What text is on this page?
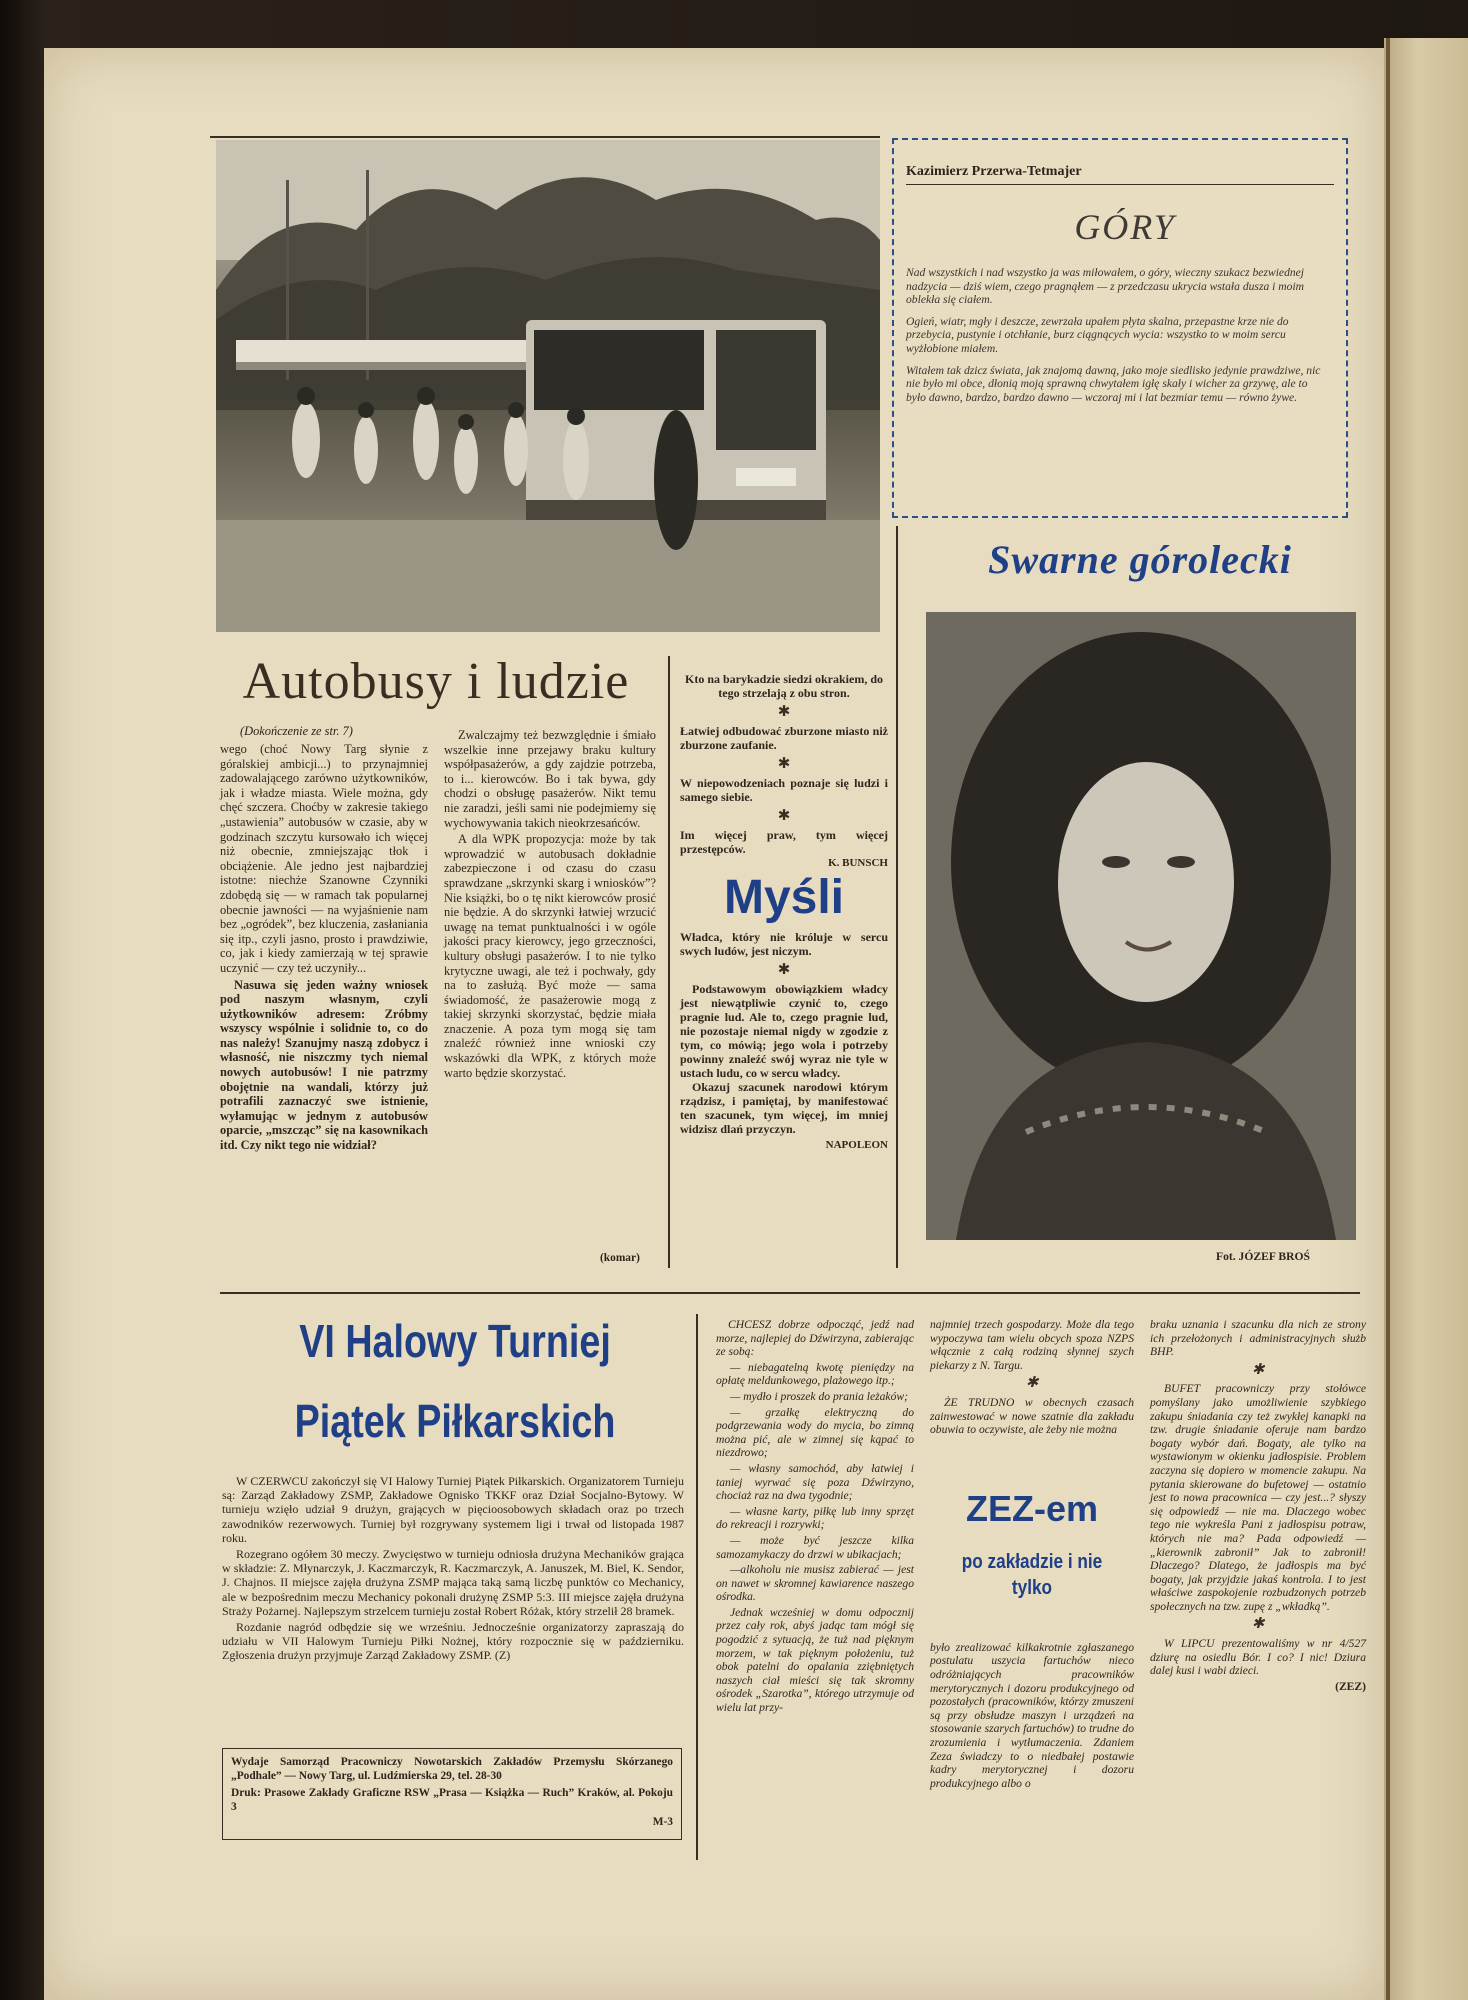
Autobusy i ludzie
(Dokończenie ze str. 7)

wego (choć Nowy Targ słynie z góralskiej ambicji...) to przynajmniej zadowalającego zarówno użytkowników, jak i władze miasta. Wiele można, gdy chęć szczera. Choćby w zakresie takiego „ustawienia” autobusów w czasie, aby w godzinach szczytu kursowało ich więcej niż obecnie, zmniejszając tłok i obciążenie. Ale jedno jest najbardziej istotne: niechże Szanowne Czynniki zdobędą się — w ramach tak popularnej obecnie jawności — na wyjaśnienie nam bez „ogródek”, bez kluczenia, zasłaniania się itp., czyli jasno, prosto i prawdziwie, co, jak i kiedy zamierzają w tej sprawie uczynić — czy też uczyniły...

Nasuwa się jeden ważny wniosek pod naszym własnym, czyli użytkowników adresem: Zróbmy wszyscy wspólnie i solidnie to, co do nas należy! Szanujmy naszą zdobycz i własność, nie niszczmy tych niemal nowych autobusów! I nie patrzmy obojętnie na wandali, którzy już potrafili zaznaczyć swe istnienie, wyłamując w jednym z autobusów oparcie, „mszcząc” się na kasownikach itd. Czy nikt tego nie widział?

Zwalczajmy też bezwzględnie i śmiało wszelkie inne przejawy braku kultury współpasażerów, a gdy zajdzie potrzeba, to i... kierowców. Bo i tak bywa, gdy chodzi o obsługę pasażerów. Nikt temu nie zaradzi, jeśli sami nie podejmiemy się wychowywania takich nieokrzesańców.

A dla WPK propozycja: może by tak wprowadzić w autobusach dokładnie zabezpieczone i od czasu do czasu sprawdzane „skrzynki skarg i wniosków”? Nie książki, bo o tę nikt kierowców prosić nie będzie. A do skrzynki łatwiej wrzucić uwagę na temat punktualności i w ogóle jakości pracy kierowcy, jego grzeczności, kultury obsługi pasażerów. I to nie tylko krytyczne uwagi, ale też i pochwały, gdy na to zasłużą. Być może — sama świadomość, że pasażerowie mogą z takiej skrzynki skorzystać, będzie miała znaczenie. A poza tym mogą się tam znaleźć również inne wnioski czy wskazówki dla WPK, z których może warto będzie skorzystać.

(komar)
Kto na barykadzie siedzi okrakiem, do tego strzelają z obu stron.
✱
Łatwiej odbudować zburzone miasto niż zburzone zaufanie.
✱
W niepowodzeniach poznaje się ludzi i samego siebie.
✱
Im więcej praw, tym więcej przestępców.
K. BUNSCH
Myśli
Władca, który nie króluje w sercu swych ludów, jest niczym.
✱
Podstawowym obowiązkiem władcy jest niewątpliwie czynić to, czego pragnie lud. Ale to, czego pragnie lud, nie pozostaje niemal nigdy w zgodzie z tym, co mówią; jego wola i potrzeby powinny znaleźć swój wyraz nie tyle w ustach ludu, co w sercu władcy.
Okazuj szacunek narodowi którym rządzisz, i pamiętaj, by manifestować ten szacunek, tym więcej, im mniej widzisz dlań przyczyn.
NAPOLEON
Kazimierz Przerwa-Tetmajer
GÓRY
Nad wszystkich i nad wszystko ja was miłowałem, o góry, wieczny szukacz bezwiednej nadzycia — dziś wiem, czego pragnąłem — z przedczasu ukrycia wstała dusza i moim oblekła się ciałem.
Ogień, wiatr, mgły i deszcze, zewrzała upałem płyta skalna, przepastne krze nie do przebycia, pustynie i otchłanie, burz ciągnących wycia: wszystko to w moim sercu wyżłobione miałem.
Witałem tak dzicz świata, jak znajomą dawną, jako moje siedlisko jedynie prawdziwe, nic nie było mi obce, dłonią moją sprawną chwytałem igłę skały i wicher za grzywę, ale to było dawno, bardzo, bardzo dawno — wczoraj mi i lat bezmiar temu — równo żywe.
Swarne górolecki
Fot. JÓZEF BROŚ
VI Halowy Turniej
Piątek Piłkarskich

W CZERWCU zakończył się VI Halowy Turniej Piątek Piłkarskich. Organizatorem Turnieju są: Zarząd Zakładowy ZSMP, Zakładowe Ognisko TKKF oraz Dział Socjalno-Bytowy. W turnieju wzięło udział 9 drużyn, grających w pięcioosobowych składach oraz po trzech zawodników rezerwowych. Turniej był rozgrywany systemem ligi i trwał od listopada 1987 roku.

Rozegrano ogółem 30 meczy. Zwycięstwo w turnieju odniosła drużyna Mechaników grająca w składzie: Z. Młynarczyk, J. Kaczmarczyk, R. Kaczmarczyk, A. Januszek, M. Biel, K. Sendor, J. Chajnos. II miejsce zajęła drużyna ZSMP mająca taką samą liczbę punktów co Mechanicy, ale w bezpośrednim meczu Mechanicy pokonali drużynę ZSMP 5:3. III miejsce zajęła drużyna Straży Pożarnej. Najlepszym strzelcem turnieju został Robert Różak, który strzelił 28 bramek.

Rozdanie nagród odbędzie się we wrześniu. Jednocześnie organizatorzy zapraszają do udziału w VII Halowym Turnieju Piłki Nożnej, który rozpocznie się w październiku. Zgłoszenia drużyn przyjmuje Zarząd Zakładowy ZSMP. (Z)

Wydaje Samorząd Pracowniczy Nowotarskich Zakładów Przemysłu Skórzanego „Podhale” — Nowy Targ, ul. Ludźmierska 29, tel. 28-30
Druk: Prasowe Zakłady Graficzne RSW „Prasa — Książka — Ruch” Kraków, al. Pokoju 3
M-3

CHCESZ dobrze odpocząć, jedź nad morze, najlepiej do Dźwirzyna, zabierając ze sobą:

— niebagatelną kwotę pieniędzy na opłatę meldunkowego, plażowego itp.;

— mydło i proszek do prania leżaków;

— grzałkę elektryczną do podgrzewania wody do mycia, bo zimną można pić, ale w zimnej się kąpać to niezdrowo;

— własny samochód, aby łatwiej i taniej wyrwać się poza Dźwirzyno, chociaż raz na dwa tygodnie;

— własne karty, piłkę lub inny sprzęt do rekreacji i rozrywki;

— może być jeszcze kilka samozamykaczy do drzwi w ubikacjach;

—alkoholu nie musisz zabierać — jest on nawet w skromnej kawiarence naszego ośrodka.

Jednak wcześniej w domu odpocznij przez cały rok, abyś jadąc tam mógł się pogodzić z sytuacją, że tuż nad pięknym morzem, w tak pięknym położeniu, tuż obok patelni do opalania zziębniętych naszych ciał mieści się tak skromny ośrodek „Szarotka”, którego utrzymuje od wielu lat przy-

najmniej trzech gospodarzy. Może dla tego wypoczywa tam wielu obcych spoza NZPS włącznie z całą rodziną słynnej szych piekarzy z N. Targu.

✱

ŻE TRUDNO w obecnych czasach zainwestować w nowe szatnie dla zakładu obuwia to oczywiste, ale żeby nie można

ZEZ-em
po zakładzie i nie tylko

było zrealizować kilkakrotnie zgłaszanego postulatu uszycia fartuchów nieco odróżniających pracowników merytorycznych i dozoru produkcyjnego od pozostałych (pracowników, którzy zmuszeni są przy obsłudze maszyn i urządzeń na stosowanie szarych fartuchów) to trudne do zrozumienia i wytłumaczenia. Zdaniem Zeza świadczy to o niedbałej postawie kadry merytorycznej i dozoru produkcyjnego albo o

braku uznania i szacunku dla nich ze strony ich przełożonych i administracyjnych służb BHP.

✱

BUFET pracowniczy przy stołówce pomyślany jako umożliwienie szybkiego zakupu śniadania czy też zwykłej kanapki na tzw. drugie śniadanie oferuje nam bardzo bogaty wybór dań. Bogaty, ale tylko na wystawionym w okienku jadłospisie. Problem zaczyna się dopiero w momencie zakupu. Na pytania skierowane do bufetowej — ostatnio jest to nowa pracownica — czy jest...? słyszy się odpowiedź — nie ma. Dlaczego wobec tego nie wykreśla Pani z jadłospisu potraw, których nie ma? Pada odpowiedź — „kierownik zabronił” Jak to zabronił! Dlaczego? Dlatego, że jadłospis ma być bogaty, jak przyjdzie jakaś kontrola. I to jest właściwe zaspokojenie rozbudzonych potrzeb społecznych na tzw. zupę z „wkładką”.

✱

W LIPCU prezentowaliśmy w nr 4/527 dziurę na osiedlu Bór. I co? I nic! Dziura dalej kusi i wabi dzieci.

(ZEZ)
